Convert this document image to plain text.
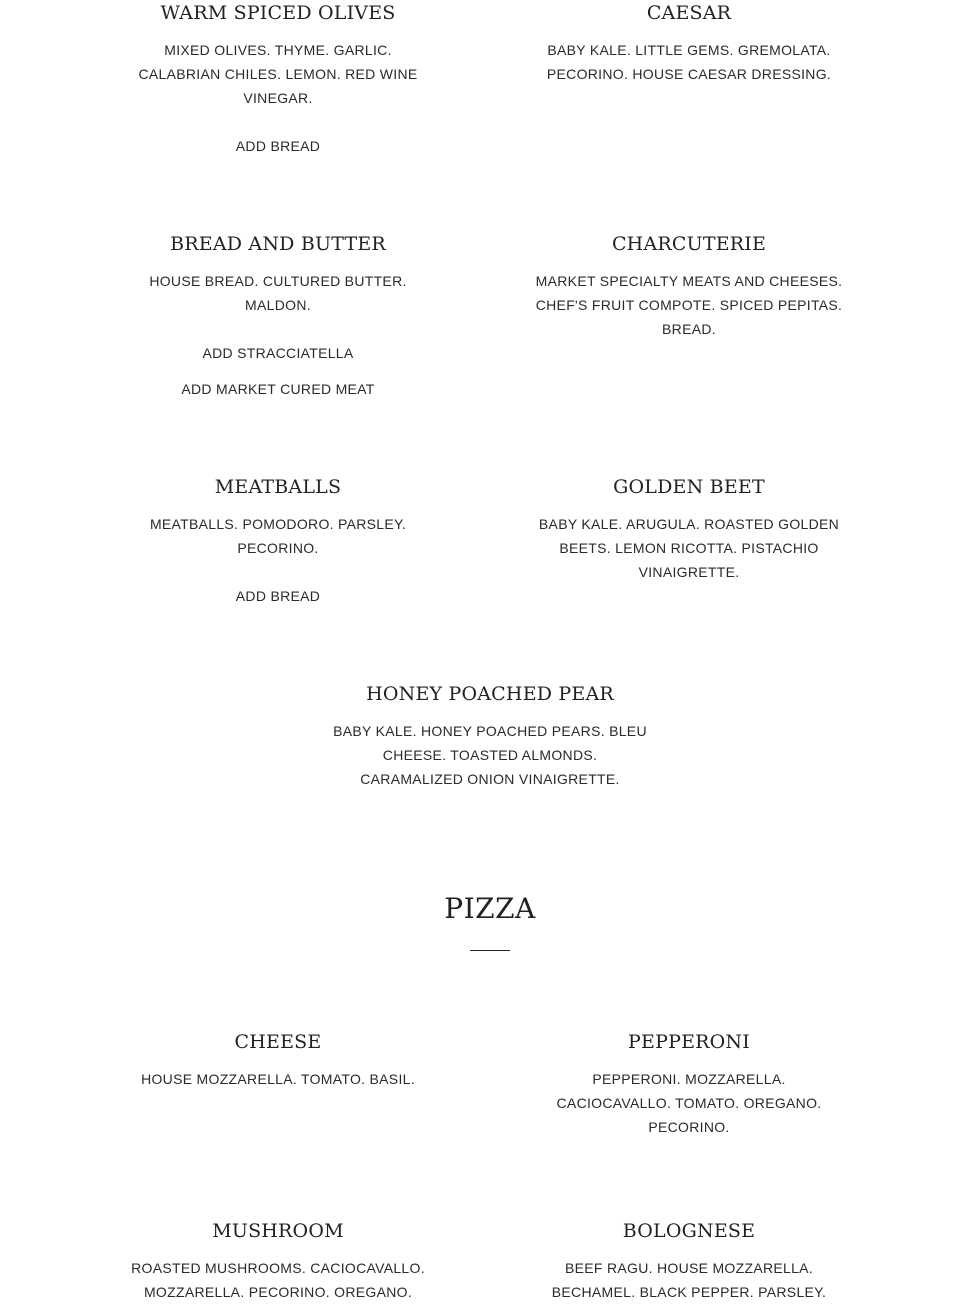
WARM SPICED OLIVES
MIXED OLIVES. THYME. GARLIC. CALABRIAN CHILES. LEMON. RED WINE VINEGAR.
ADD BREAD
CAESAR
BABY KALE. LITTLE GEMS. GREMOLATA. PECORINO. HOUSE CAESAR DRESSING.
BREAD AND BUTTER
HOUSE BREAD. CULTURED BUTTER. MALDON.
ADD STRACCIATELLA
ADD MARKET CURED MEAT
CHARCUTERIE
MARKET SPECIALTY MEATS AND CHEESES. CHEF'S FRUIT COMPOTE. SPICED PEPITAS. BREAD.
MEATBALLS
MEATBALLS. POMODORO. PARSLEY. PECORINO.
ADD BREAD
GOLDEN BEET
BABY KALE. ARUGULA. ROASTED GOLDEN BEETS. LEMON RICOTTA. PISTACHIO VINAIGRETTE.
HONEY POACHED PEAR
BABY KALE. HONEY POACHED PEARS. BLEU CHEESE. TOASTED ALMONDS. CARAMALIZED ONION VINAIGRETTE.
PIZZA
CHEESE
HOUSE MOZZARELLA. TOMATO. BASIL.
PEPPERONI
PEPPERONI. MOZZARELLA. CACIOCAVALLO. TOMATO. OREGANO. PECORINO.
MUSHROOM
ROASTED MUSHROOMS. CACIOCAVALLO. MOZZARELLA. PECORINO. OREGANO.
BOLOGNESE
BEEF RAGU. HOUSE MOZZARELLA. BECHAMEL. BLACK PEPPER. PARSLEY.
